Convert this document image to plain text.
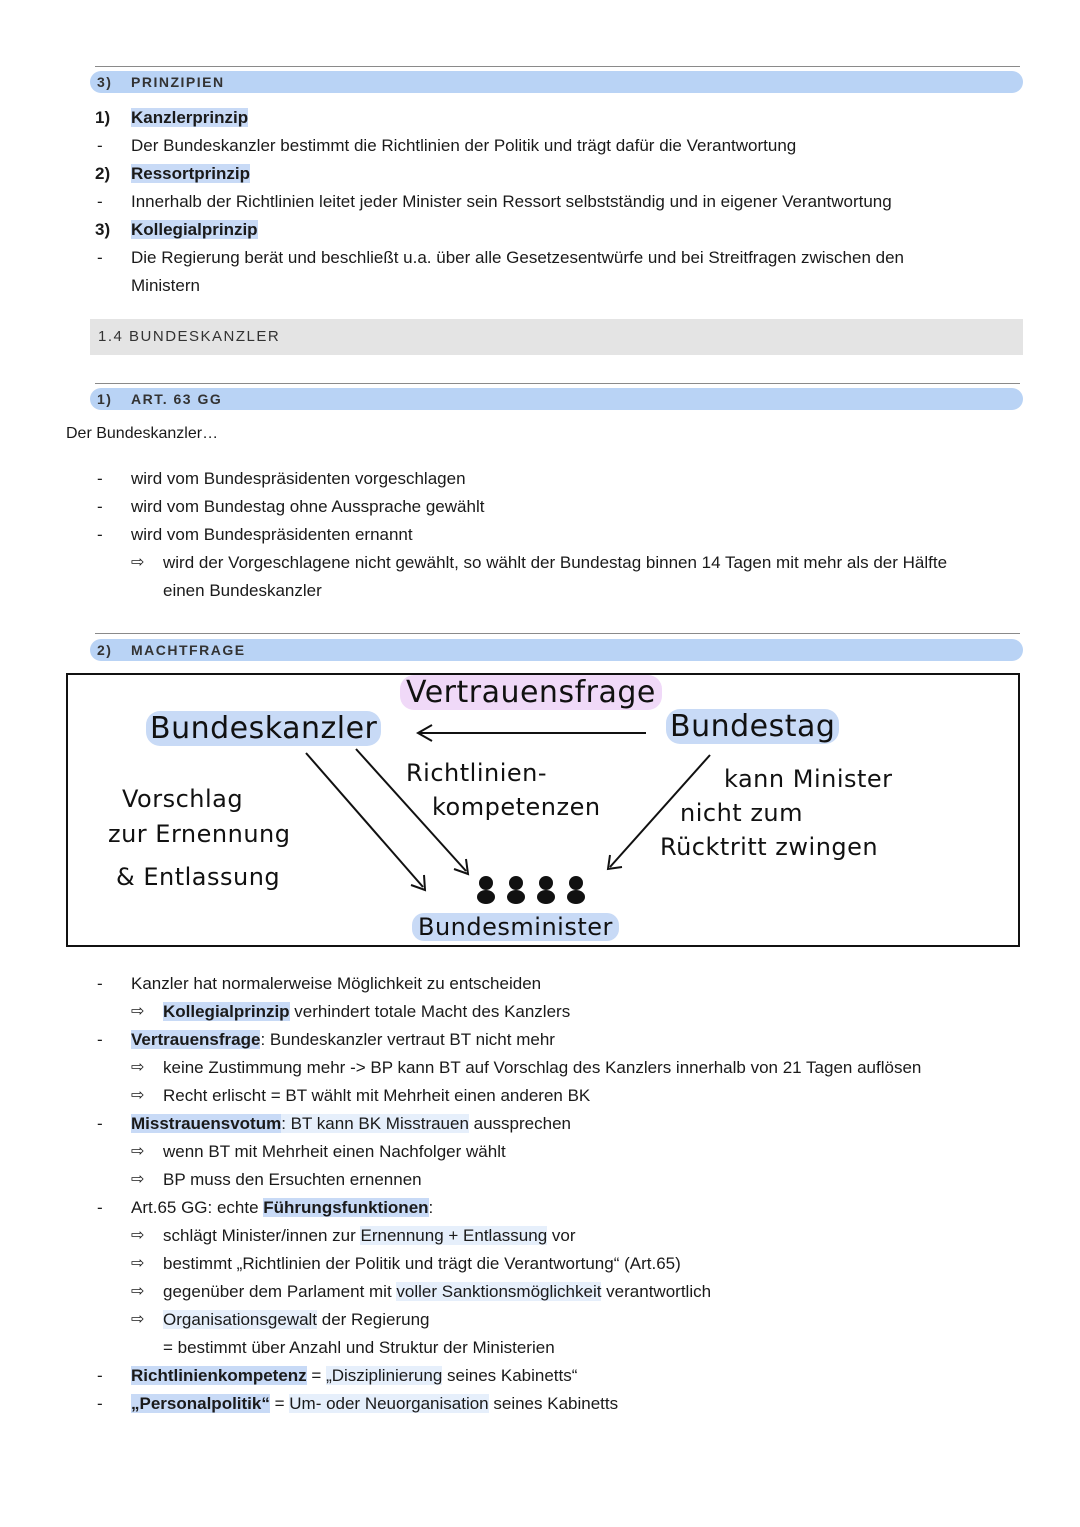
3) PRINZIPIEN
1) Kanzlerprinzip
- Der Bundeskanzler bestimmt die Richtlinien der Politik und trägt dafür die Verantwortung
2) Ressortprinzip
- Innerhalb der Richtlinien leitet jeder Minister sein Ressort selbstständig und in eigener Verantwortung
3) Kollegialprinzip
- Die Regierung berät und beschließt u.a. über alle Gesetzesentwürfe und bei Streitfragen zwischen den
Ministern
1.4 BUNDESKANZLER
1) ART. 63 GG
Der Bundeskanzler…
- wird vom Bundespräsidenten vorgeschlagen
- wird vom Bundestag ohne Aussprache gewählt
- wird vom Bundespräsidenten ernannt
⇨ wird der Vorgeschlagene nicht gewählt, so wählt der Bundestag binnen 14 Tagen mit mehr als der Hälfte
einen Bundeskanzler
2) MACHTFRAGE
Vertrauensfrage
Bundeskanzler	Bundestag
Richtlinien-
kompetenzen
Vorschlag
zur Ernennung
& Entlassung
kann Minister
nicht zum
Rücktritt zwingen
Bundesminister
- Kanzler hat normalerweise Möglichkeit zu entscheiden
⇨ Kollegialprinzip verhindert totale Macht des Kanzlers
- Vertrauensfrage: Bundeskanzler vertraut BT nicht mehr
⇨ keine Zustimmung mehr -> BP kann BT auf Vorschlag des Kanzlers innerhalb von 21 Tagen auflösen
⇨ Recht erlischt = BT wählt mit Mehrheit einen anderen BK
- Misstrauensvotum: BT kann BK Misstrauen aussprechen
⇨ wenn BT mit Mehrheit einen Nachfolger wählt
⇨ BP muss den Ersuchten ernennen
- Art.65 GG: echte Führungsfunktionen:
⇨ schlägt Minister/innen zur Ernennung + Entlassung vor
⇨ bestimmt „Richtlinien der Politik und trägt die Verantwortung“ (Art.65)
⇨ gegenüber dem Parlament mit voller Sanktionsmöglichkeit verantwortlich
⇨ Organisationsgewalt der Regierung
= bestimmt über Anzahl und Struktur der Ministerien
- Richtlinienkompetenz = „Disziplinierung seines Kabinetts“
- „Personalpolitik“ = Um- oder Neuorganisation seines Kabinetts
